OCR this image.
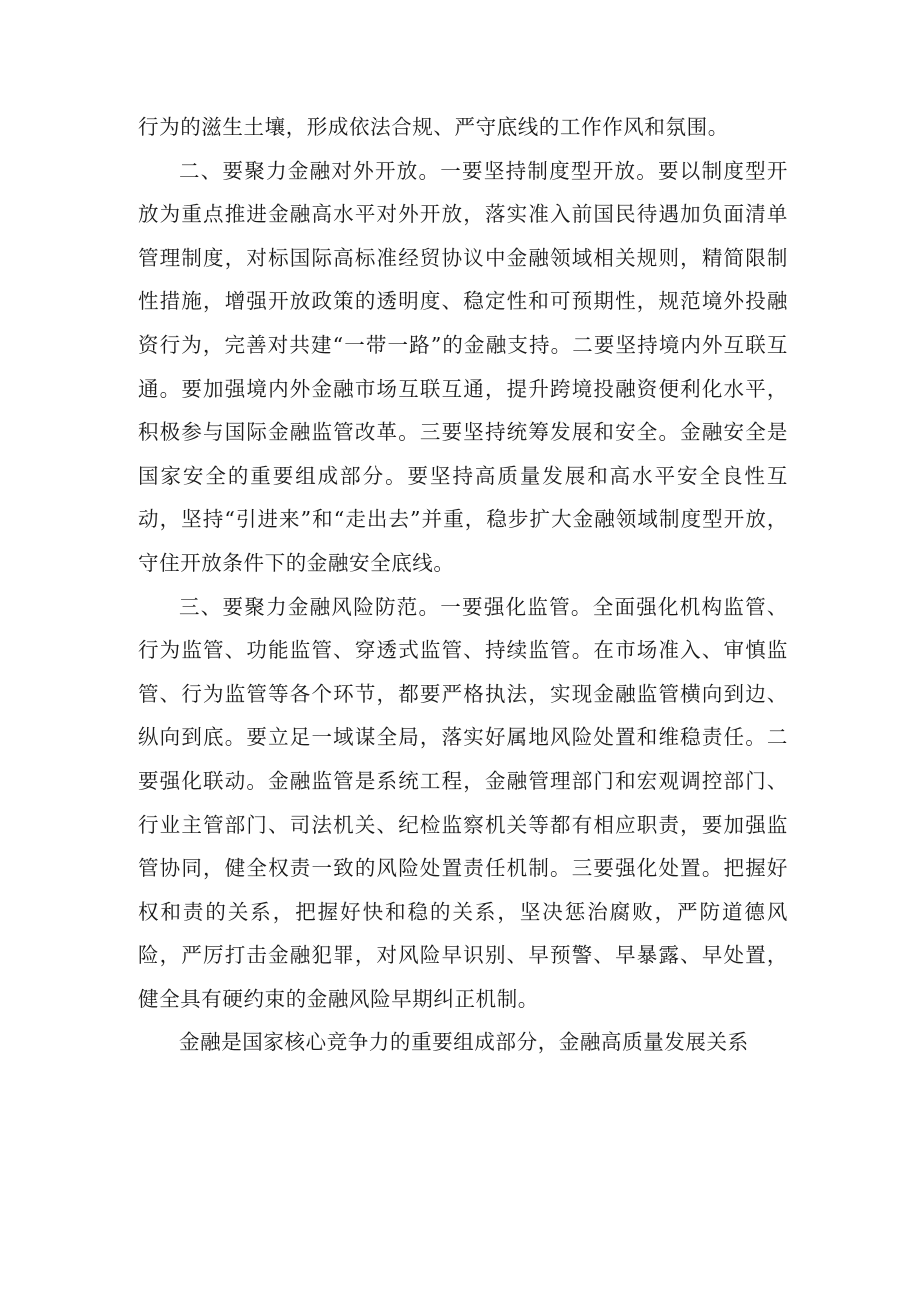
行为的滋生土壤，形成依法合规、严守底线的工作作风和氛围。

二、要聚力金融对外开放。一要坚持制度型开放。要以制度型开放为重点推进金融高水平对外开放，落实准入前国民待遇加负面清单管理制度，对标国际高标准经贸协议中金融领域相关规则，精简限制性措施，增强开放政策的透明度、稳定性和可预期性，规范境外投融资行为，完善对共建“一带一路”的金融支持。二要坚持境内外互联互通。要加强境内外金融市场互联互通，提升跨境投融资便利化水平，积极参与国际金融监管改革。三要坚持统筹发展和安全。金融安全是国家安全的重要组成部分。要坚持高质量发展和高水平安全良性互动，坚持“引进来”和“走出去”并重，稳步扩大金融领域制度型开放，守住开放条件下的金融安全底线。

三、要聚力金融风险防范。一要强化监管。全面强化机构监管、行为监管、功能监管、穿透式监管、持续监管。在市场准入、审慎监管、行为监管等各个环节，都要严格执法，实现金融监管横向到边、纵向到底。要立足一域谋全局，落实好属地风险处置和维稳责任。二要强化联动。金融监管是系统工程，金融管理部门和宏观调控部门、行业主管部门、司法机关、纪检监察机关等都有相应职责，要加强监管协同，健全权责一致的风险处置责任机制。三要强化处置。把握好权和责的关系，把握好快和稳的关系，坚决惩治腐败，严防道德风险，严厉打击金融犯罪，对风险早识别、早预警、早暴露、早处置，健全具有硬约束的金融风险早期纠正机制。

金融是国家核心竞争力的重要组成部分，金融高质量发展关系
